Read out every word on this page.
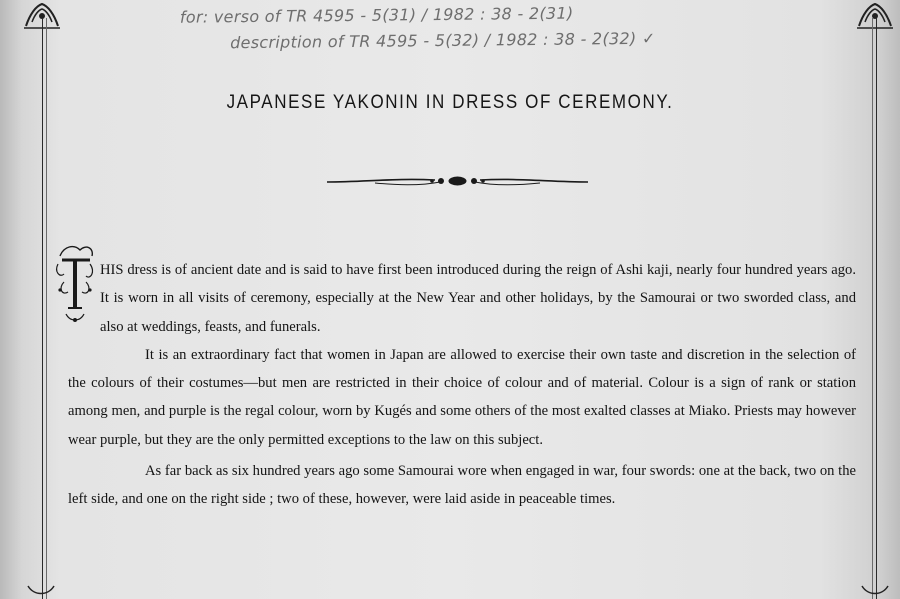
for: verso of TR 4595 - 5(31) / 1982 : 38 - 2(31)
description of TR 4595 - 5(32) / 1982 : 38 - 2(32) ✓
JAPANESE YAKONIN IN DRESS OF CEREMONY.

HIS dress is of ancient date and is said to have first been introduced during the reign of Ashi kaji, nearly four hundred years ago. It is worn in all visits of ceremony, especially at the New Year and other holidays, by the Samourai or two sworded class, and also at weddings, feasts, and funerals.

It is an extraordinary fact that women in Japan are allowed to exercise their own taste and discretion in the selection of the colours of their costumes—but men are restricted in their choice of colour and of material. Colour is a sign of rank or station among men, and purple is the regal colour, worn by Kugés and some others of the most exalted classes at Miako. Priests may however wear purple, but they are the only permitted exceptions to the law on this subject.

As far back as six hundred years ago some Samourai wore when engaged in war, four swords: one at the back, two on the left side, and one on the right side ; two of these, however, were laid aside in peaceable times.
